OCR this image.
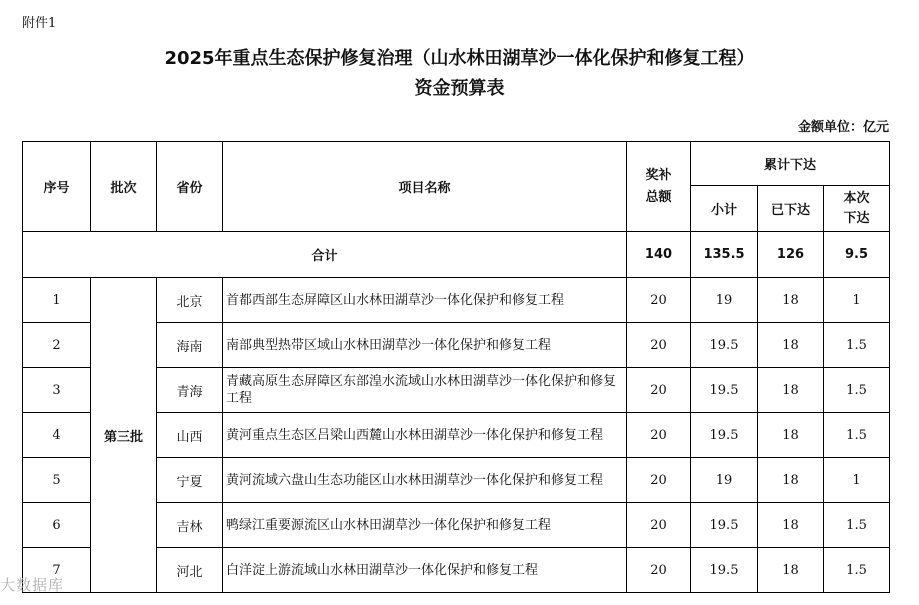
附件1
2025年重点生态保护修复治理（山水林田湖草沙一体化保护和修复工程）
资金预算表
金额单位：亿元
序号	批次	省份	项目名称	奖补总额	累计下达		
					小计	已下达	本次下达
合计				140	135.5	126	9.5
1	第三批	北京	首都西部生态屏障区山水林田湖草沙一体化保护和修复工程	20	19	18	1
2		海南	南部典型热带区域山水林田湖草沙一体化保护和修复工程	20	19.5	18	1.5
3		青海	青藏高原生态屏障区东部湟水流域山水林田湖草沙一体化保护和修复工程	20	19.5	18	1.5
4		山西	黄河重点生态区吕梁山西麓山水林田湖草沙一体化保护和修复工程	20	19.5	18	1.5
5		宁夏	黄河流域六盘山生态功能区山水林田湖草沙一体化保护和修复工程	20	19	18	1
6		吉林	鸭绿江重要源流区山水林田湖草沙一体化保护和修复工程	20	19.5	18	1.5
7		河北	白洋淀上游流域山水林田湖草沙一体化保护和修复工程	20	19.5	18	1.5
大数据库
